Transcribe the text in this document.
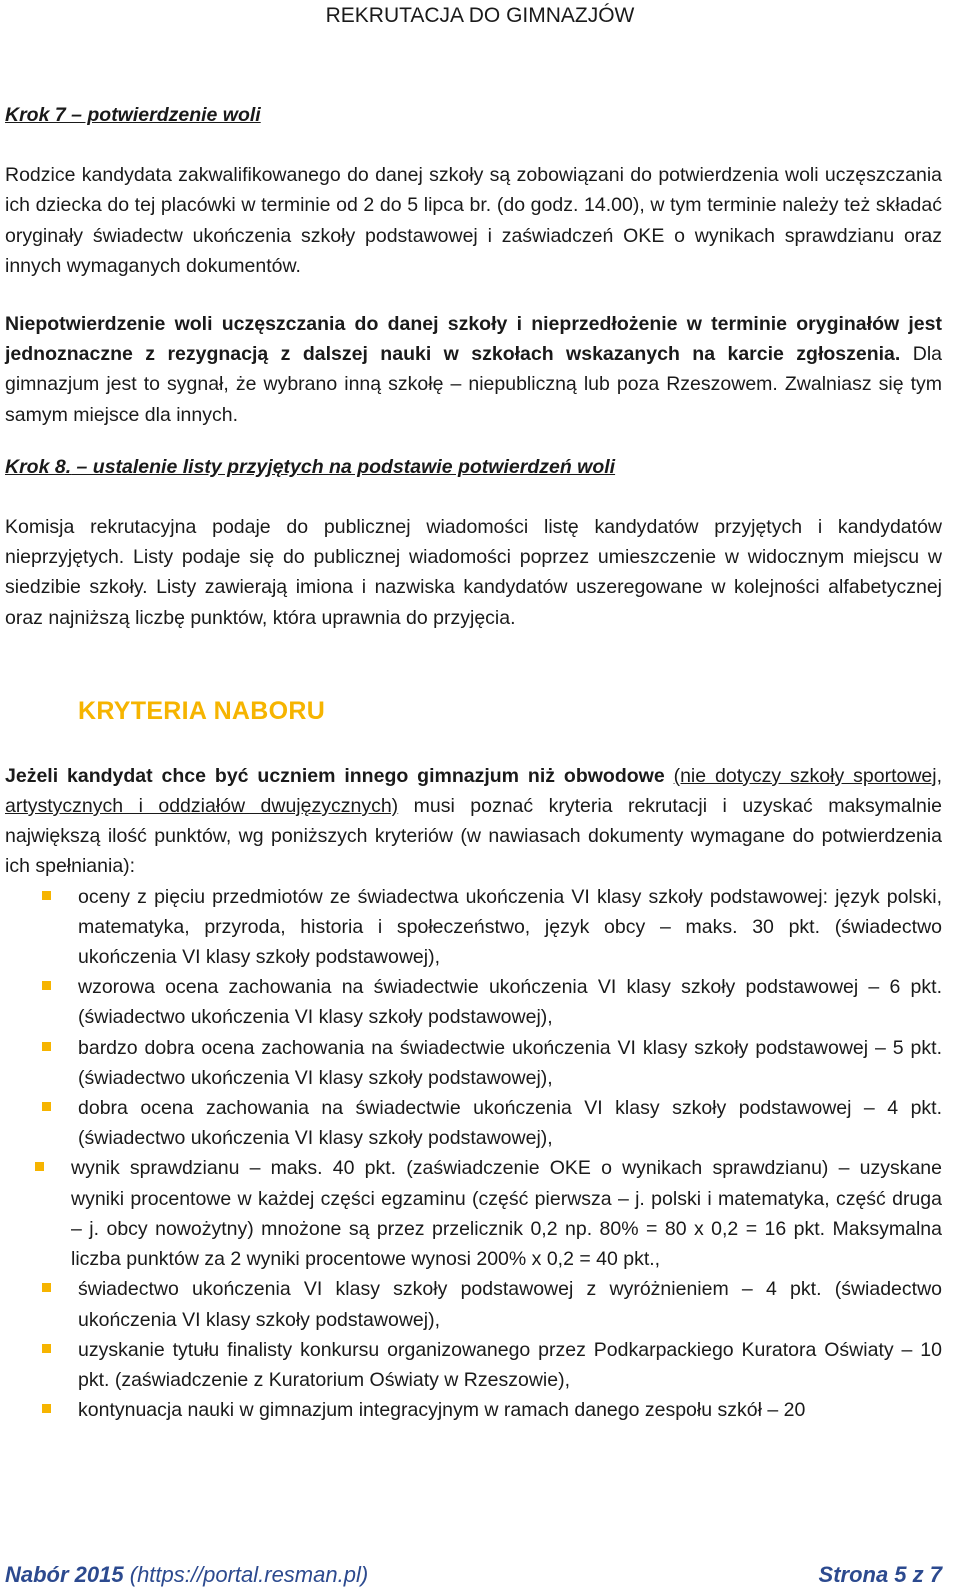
REKRUTACJA DO GIMNAZJÓW

Krok 7 – potwierdzenie woli

Rodzice kandydata zakwalifikowanego do danej szkoły są zobowiązani do potwierdzenia woli uczęszczania ich dziecka do tej placówki w terminie od 2 do 5 lipca br. (do godz. 14.00), w tym terminie należy też składać oryginały świadectw ukończenia szkoły podstawowej i zaświadczeń OKE o wynikach sprawdzianu oraz innych wymaganych dokumentów.

Niepotwierdzenie woli uczęszczania do danej szkoły i nieprzedłożenie w terminie oryginałów jest jednoznaczne z rezygnacją z dalszej nauki w szkołach wskazanych na karcie zgłoszenia. Dla gimnazjum jest to sygnał, że wybrano inną szkołę – niepubliczną lub poza Rzeszowem. Zwalniasz się tym samym miejsce dla innych.

Krok 8. – ustalenie listy przyjętych na podstawie potwierdzeń woli

Komisja rekrutacyjna podaje do publicznej wiadomości listę kandydatów przyjętych i kandydatów nieprzyjętych. Listy podaje się do publicznej wiadomości poprzez umieszczenie w widocznym miejscu w siedzibie szkoły. Listy zawierają imiona i nazwiska kandydatów uszeregowane w kolejności alfabetycznej oraz najniższą liczbę punktów, która uprawnia do przyjęcia.

KRYTERIA NABORU

Jeżeli kandydat chce być uczniem innego gimnazjum niż obwodowe (nie dotyczy szkoły sportowej, artystycznych i oddziałów dwujęzycznych) musi poznać kryteria rekrutacji i uzyskać maksymalnie największą ilość punktów, wg poniższych kryteriów (w nawiasach dokumenty wymagane do potwierdzenia ich spełniania):

oceny z pięciu przedmiotów ze świadectwa ukończenia VI klasy szkoły podstawowej: język polski, matematyka, przyroda, historia i społeczeństwo, język obcy – maks. 30 pkt. (świadectwo ukończenia VI klasy szkoły podstawowej),
wzorowa ocena zachowania na świadectwie ukończenia VI klasy szkoły podstawowej – 6 pkt. (świadectwo ukończenia VI klasy szkoły podstawowej),
bardzo dobra ocena zachowania na świadectwie ukończenia VI klasy szkoły podstawowej – 5 pkt. (świadectwo ukończenia VI klasy szkoły podstawowej),
dobra ocena zachowania na świadectwie ukończenia VI klasy szkoły podstawowej – 4 pkt. (świadectwo ukończenia VI klasy szkoły podstawowej),
wynik sprawdzianu – maks. 40 pkt. (zaświadczenie OKE o wynikach sprawdzianu) – uzyskane wyniki procentowe w każdej części egzaminu (część pierwsza – j. polski i matematyka, część druga – j. obcy nowożytny) mnożone są przez przelicznik 0,2 np. 80% = 80 x 0,2 = 16 pkt. Maksymalna liczba punktów za 2 wyniki procentowe wynosi 200% x 0,2 = 40 pkt.,
świadectwo ukończenia VI klasy szkoły podstawowej z wyróżnieniem – 4 pkt. (świadectwo ukończenia VI klasy szkoły podstawowej),
uzyskanie tytułu finalisty konkursu organizowanego przez Podkarpackiego Kuratora Oświaty – 10 pkt. (zaświadczenie z Kuratorium Oświaty w Rzeszowie),
kontynuacja nauki w gimnazjum integracyjnym w ramach danego zespołu szkół – 20
Nabór 2015 (https://portal.resman.pl)	Strona 5 z 7
